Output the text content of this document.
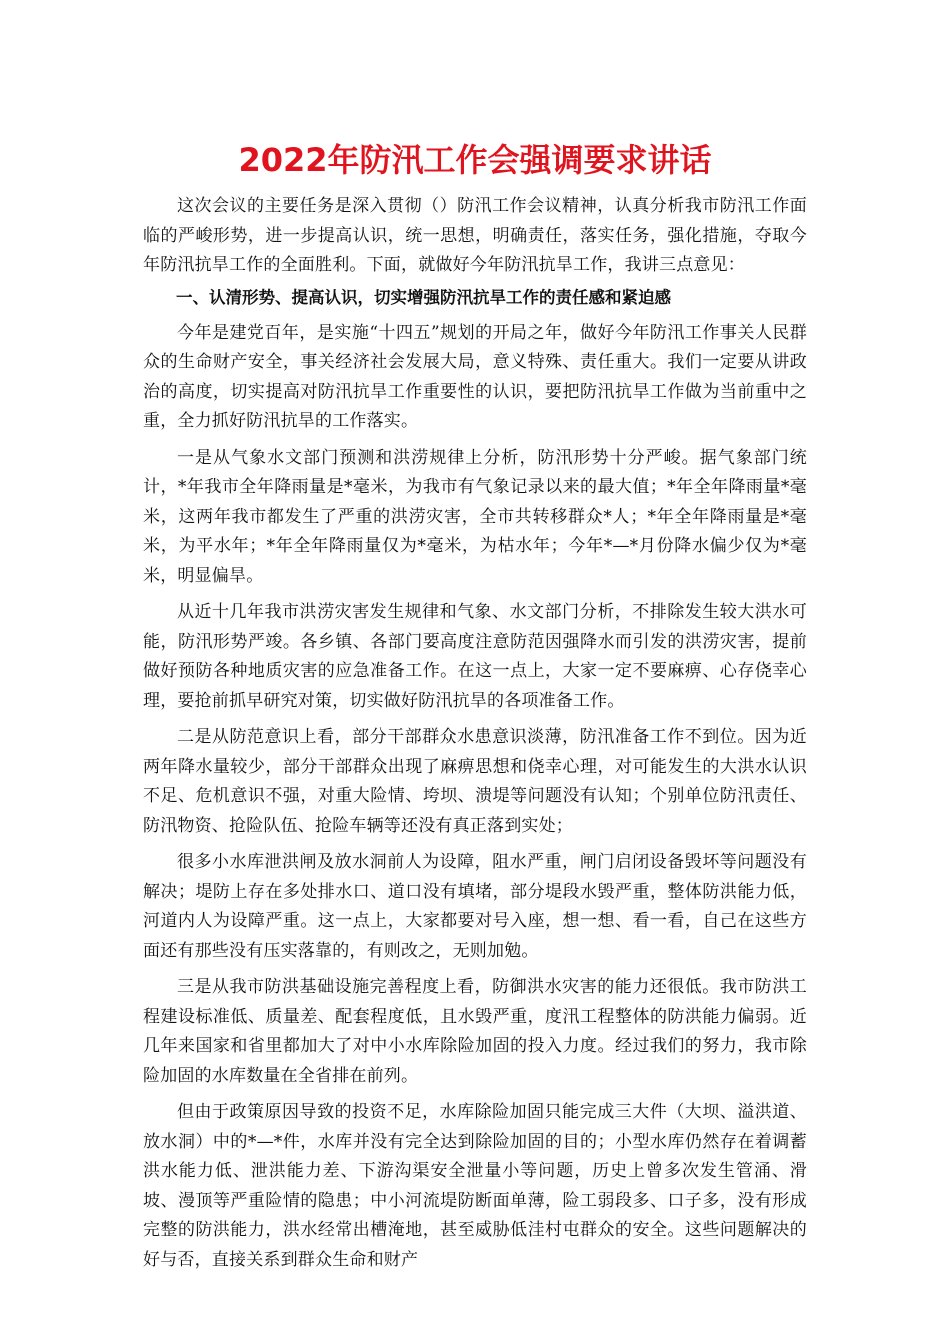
2022年防汛工作会强调要求讲话

这次会议的主要任务是深入贯彻（）防汛工作会议精神，认真分析我市防汛工作面临的严峻形势，进一步提高认识，统一思想，明确责任，落实任务，强化措施，夺取今年防汛抗旱工作的全面胜利。下面，就做好今年防汛抗旱工作，我讲三点意见：

一、认清形势、提高认识，切实增强防汛抗旱工作的责任感和紧迫感

今年是建党百年，是实施“十四五”规划的开局之年，做好今年防汛工作事关人民群众的生命财产安全，事关经济社会发展大局，意义特殊、责任重大。我们一定要从讲政治的高度，切实提高对防汛抗旱工作重要性的认识，要把防汛抗旱工作做为当前重中之重，全力抓好防汛抗旱的工作落实。

一是从气象水文部门预测和洪涝规律上分析，防汛形势十分严峻。据气象部门统计，*年我市全年降雨量是*毫米，为我市有气象记录以来的最大值；*年全年降雨量*毫米，这两年我市都发生了严重的洪涝灾害，全市共转移群众*人；*年全年降雨量是*毫米，为平水年；*年全年降雨量仅为*毫米，为枯水年；今年*—*月份降水偏少仅为*毫米，明显偏旱。

从近十几年我市洪涝灾害发生规律和气象、水文部门分析，不排除发生较大洪水可能，防汛形势严竣。各乡镇、各部门要高度注意防范因强降水而引发的洪涝灾害，提前做好预防各种地质灾害的应急准备工作。在这一点上，大家一定不要麻痹、心存侥幸心理，要抢前抓早研究对策，切实做好防汛抗旱的各项准备工作。

二是从防范意识上看，部分干部群众水患意识淡薄，防汛准备工作不到位。因为近两年降水量较少，部分干部群众出现了麻痹思想和侥幸心理，对可能发生的大洪水认识不足、危机意识不强，对重大险情、垮坝、溃堤等问题没有认知；个别单位防汛责任、防汛物资、抢险队伍、抢险车辆等还没有真正落到实处；

很多小水库泄洪闸及放水洞前人为设障，阻水严重，闸门启闭设备毁坏等问题没有解决；堤防上存在多处排水口、道口没有填堵，部分堤段水毁严重，整体防洪能力低，河道内人为设障严重。这一点上，大家都要对号入座，想一想、看一看，自己在这些方面还有那些没有压实落靠的，有则改之，无则加勉。

三是从我市防洪基础设施完善程度上看，防御洪水灾害的能力还很低。我市防洪工程建设标准低、质量差、配套程度低，且水毁严重，度汛工程整体的防洪能力偏弱。近几年来国家和省里都加大了对中小水库除险加固的投入力度。经过我们的努力，我市除险加固的水库数量在全省排在前列。

但由于政策原因导致的投资不足，水库除险加固只能完成三大件（大坝、溢洪道、放水洞）中的*—*件，水库并没有完全达到除险加固的目的；小型水库仍然存在着调蓄洪水能力低、泄洪能力差、下游沟渠安全泄量小等问题，历史上曾多次发生管涌、滑坡、漫顶等严重险情的隐患；中小河流堤防断面单薄，险工弱段多、口子多，没有形成完整的防洪能力，洪水经常出槽淹地，甚至威胁低洼村屯群众的安全。这些问题解决的好与否，直接关系到群众生命和财产
